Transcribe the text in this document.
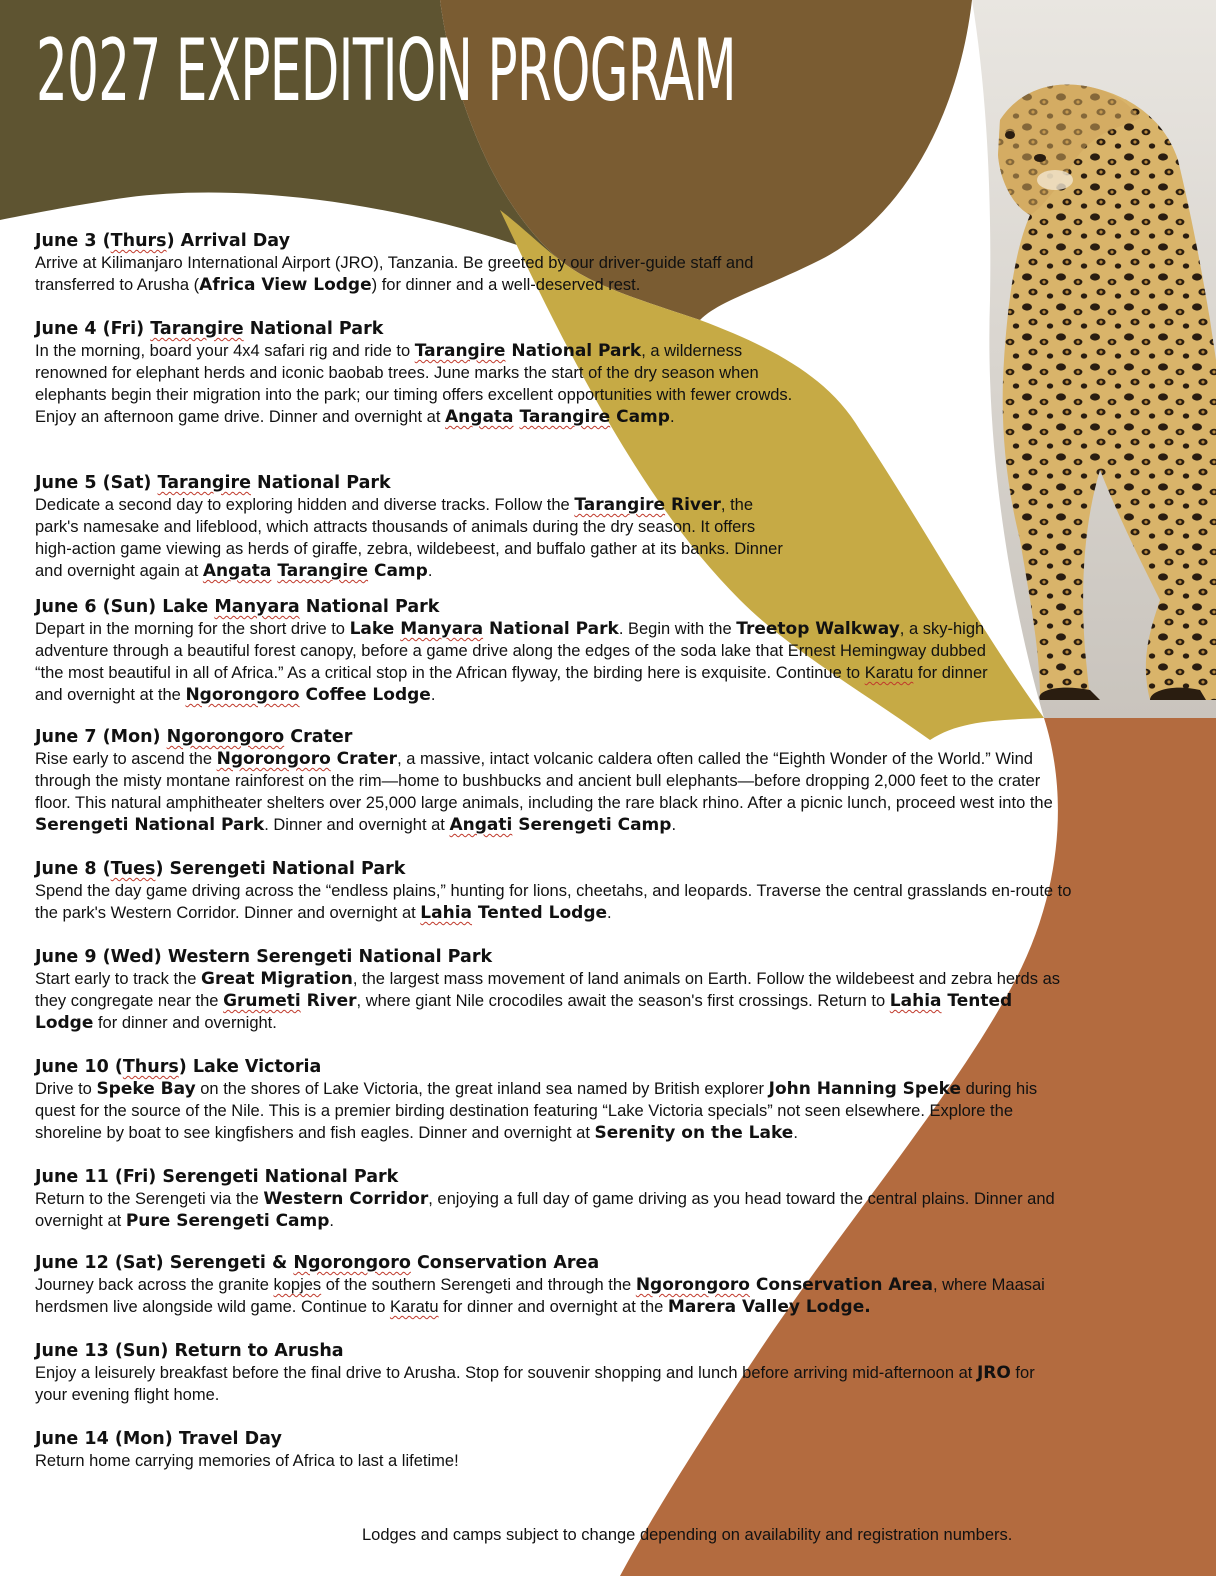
2027 EXPEDITION PROGRAM

June 3 (Thurs) Arrival Day

Arrive at Kilimanjaro International Airport (JRO), Tanzania. Be greeted by our driver-guide staff and transferred to Arusha (Africa View Lodge) for dinner and a well-deserved rest.

June 4 (Fri) Tarangire National Park

In the morning, board your 4x4 safari rig and ride to Tarangire National Park, a wilderness renowned for elephant herds and iconic baobab trees. June marks the start of the dry season when elephants begin their migration into the park; our timing offers excellent opportunities with fewer crowds. Enjoy an afternoon game drive. Dinner and overnight at Angata Tarangire Camp.

June 5 (Sat) Tarangire National Park

Dedicate a second day to exploring hidden and diverse tracks. Follow the Tarangire River, the park's namesake and lifeblood, which attracts thousands of animals during the dry season. It offers high-action game viewing as herds of giraffe, zebra, wildebeest, and buffalo gather at its banks. Dinner and overnight again at Angata Tarangire Camp.

June 6 (Sun) Lake Manyara National Park

Depart in the morning for the short drive to Lake Manyara National Park. Begin with the Treetop Walkway, a sky-high adventure through a beautiful forest canopy, before a game drive along the edges of the soda lake that Ernest Hemingway dubbed “the most beautiful in all of Africa.” As a critical stop in the African flyway, the birding here is exquisite. Continue to Karatu for dinner and overnight at the Ngorongoro Coffee Lodge.

June 7 (Mon) Ngorongoro Crater

Rise early to ascend the Ngorongoro Crater, a massive, intact volcanic caldera often called the “Eighth Wonder of the World.” Wind through the misty montane rainforest on the rim—home to bushbucks and ancient bull elephants—before dropping 2,000 feet to the crater floor. This natural amphitheater shelters over 25,000 large animals, including the rare black rhino. After a picnic lunch, proceed west into the Serengeti National Park. Dinner and overnight at Angati Serengeti Camp.

June 8 (Tues) Serengeti National Park

Spend the day game driving across the “endless plains,” hunting for lions, cheetahs, and leopards. Traverse the central grasslands en-route to the park's Western Corridor. Dinner and overnight at Lahia Tented Lodge.

June 9 (Wed) Western Serengeti National Park

Start early to track the Great Migration, the largest mass movement of land animals on Earth. Follow the wildebeest and zebra herds as they congregate near the Grumeti River, where giant Nile crocodiles await the season's first crossings. Return to Lahia Tented Lodge for dinner and overnight.

June 10 (Thurs) Lake Victoria

Drive to Speke Bay on the shores of Lake Victoria, the great inland sea named by British explorer John Hanning Speke during his quest for the source of the Nile. This is a premier birding destination featuring “Lake Victoria specials” not seen elsewhere. Explore the shoreline by boat to see kingfishers and fish eagles. Dinner and overnight at Serenity on the Lake.

June 11 (Fri) Serengeti National Park

Return to the Serengeti via the Western Corridor, enjoying a full day of game driving as you head toward the central plains. Dinner and overnight at Pure Serengeti Camp.

June 12 (Sat) Serengeti & Ngorongoro Conservation Area

Journey back across the granite kopjes of the southern Serengeti and through the Ngorongoro Conservation Area, where Maasai herdsmen live alongside wild game. Continue to Karatu for dinner and overnight at the Marera Valley Lodge.

June 13 (Sun) Return to Arusha

Enjoy a leisurely breakfast before the final drive to Arusha. Stop for souvenir shopping and lunch before arriving mid-afternoon at JRO for your evening flight home.

June 14 (Mon) Travel Day

Return home carrying memories of Africa to last a lifetime!

Lodges and camps subject to change depending on availability and registration numbers.
